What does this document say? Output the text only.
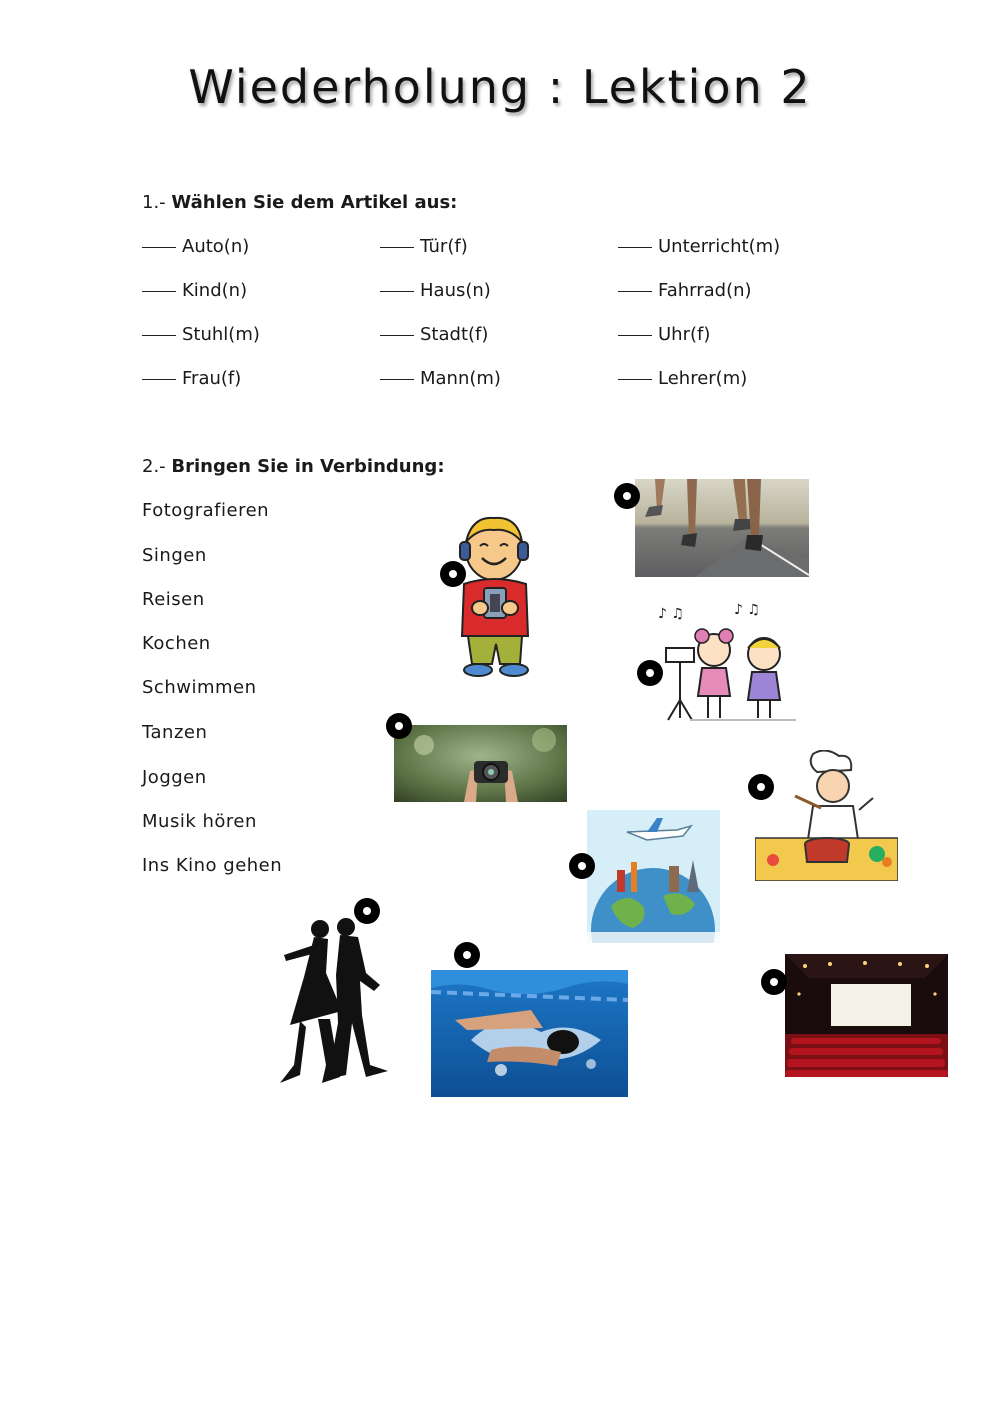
Wiederholung : Lektion 2
1.- Wählen Sie dem Artikel aus:
Auto(n)	Tür(f)	Unterricht(m)
Kind(n)	Haus(n)	Fahrrad(n)
Stuhl(m)	Stadt(f)	Uhr(f)
Frau(f)	Mann(m)	Lehrer(m)
2.- Bringen Sie in Verbindung:
Fotografieren
Singen
Reisen
Kochen
Schwimmen
Tanzen
Joggen
Musik hören
Ins Kino gehen
♪ ♫	♪ ♫
